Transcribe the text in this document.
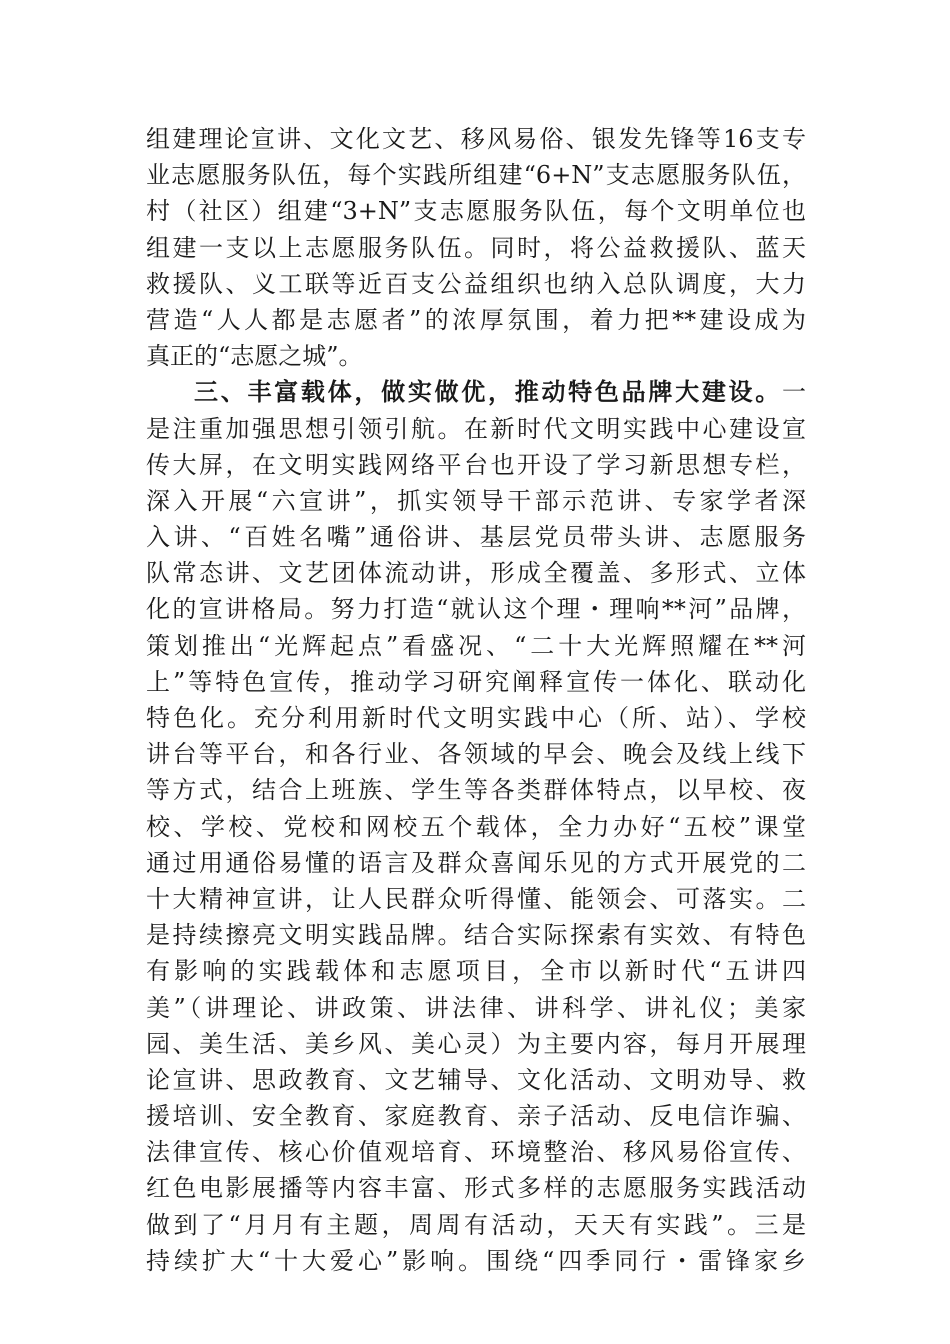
组建理论宣讲、文化文艺、移风易俗、银发先锋等16支专
业志愿服务队伍，每个实践所组建“6+N”支志愿服务队伍，
村（社区）组建“3+N”支志愿服务队伍，每个文明单位也
组建一支以上志愿服务队伍。同时，将公益救援队、蓝天
救援队、义工联等近百支公益组织也纳入总队调度，大力
营造“人人都是志愿者”的浓厚氛围，着力把**建设成为
真正的“志愿之城”。
三、丰富载体，做实做优，推动特色品牌大建设。一
是注重加强思想引领引航。在新时代文明实践中心建设宣
传大屏，在文明实践网络平台也开设了学习新思想专栏，
深入开展“六宣讲”，抓实领导干部示范讲、专家学者深
入讲、“百姓名嘴”通俗讲、基层党员带头讲、志愿服务
队常态讲、文艺团体流动讲，形成全覆盖、多形式、立体
化的宣讲格局。努力打造“就认这个理・理响**河”品牌，
策划推出“光辉起点”看盛况、“二十大光辉照耀在**河
上”等特色宣传，推动学习研究阐释宣传一体化、联动化
特色化。充分利用新时代文明实践中心（所、站）、学校
讲台等平台，和各行业、各领域的早会、晚会及线上线下
等方式，结合上班族、学生等各类群体特点，以早校、夜
校、学校、党校和网校五个载体，全力办好“五校”课堂
通过用通俗易懂的语言及群众喜闻乐见的方式开展党的二
十大精神宣讲，让人民群众听得懂、能领会、可落实。二
是持续擦亮文明实践品牌。结合实际探索有实效、有特色
有影响的实践载体和志愿项目，全市以新时代“五讲四
美”（讲理论、讲政策、讲法律、讲科学、讲礼仪；美家
园、美生活、美乡风、美心灵）为主要内容，每月开展理
论宣讲、思政教育、文艺辅导、文化活动、文明劝导、救
援培训、安全教育、家庭教育、亲子活动、反电信诈骗、
法律宣传、核心价值观培育、环境整治、移风易俗宣传、
红色电影展播等内容丰富、形式多样的志愿服务实践活动
做到了“月月有主题，周周有活动，天天有实践”。三是
持续扩大“十大爱心”影响。围绕“四季同行・雷锋家乡
